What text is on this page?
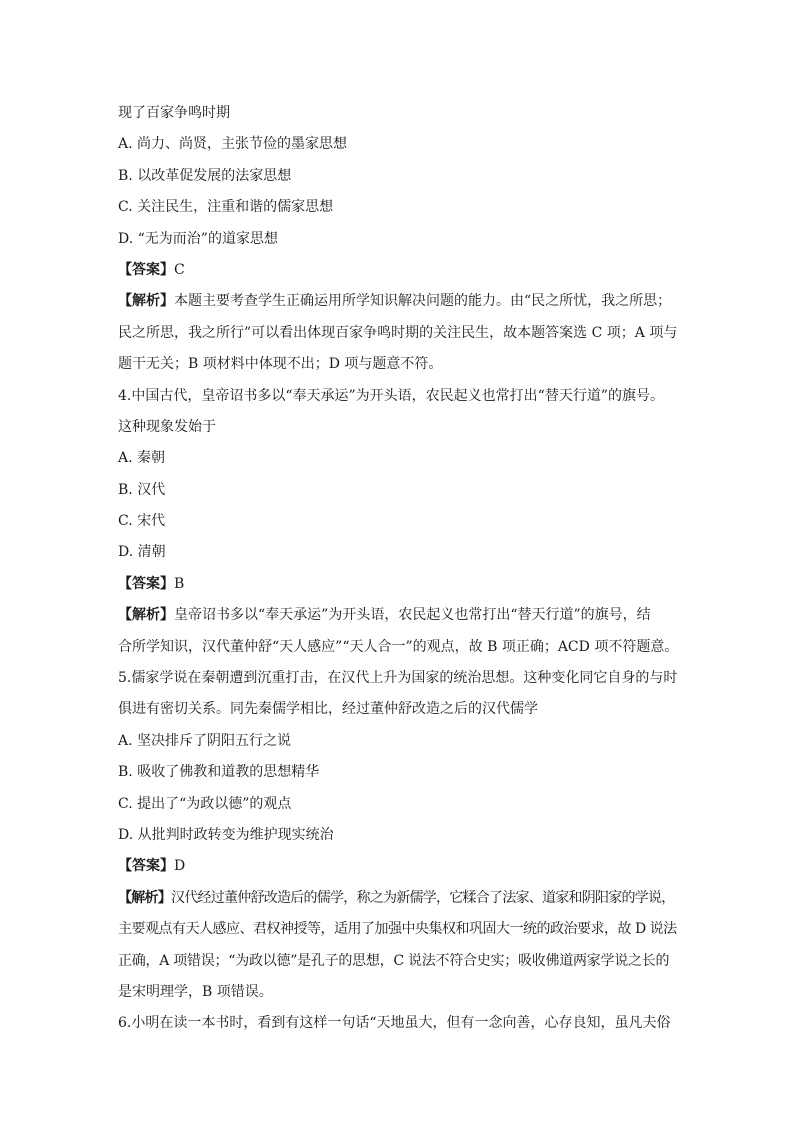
现了百家争鸣时期
A. 尚力、尚贤，主张节俭的墨家思想
B. 以改革促发展的法家思想
C. 关注民生，注重和谐的儒家思想
D. “无为而治”的道家思想
【答案】C
【解析】本题主要考查学生正确运用所学知识解决问题的能力。由“民之所忧，我之所思；
民之所思，我之所行”可以看出体现百家争鸣时期的关注民生，故本题答案选 C 项；A 项与
题干无关；B 项材料中体现不出；D 项与题意不符。
4.中国古代，皇帝诏书多以“奉天承运”为开头语，农民起义也常打出“替天行道”的旗号。
这种现象发始于
A. 秦朝
B. 汉代
C. 宋代
D. 清朝
【答案】B
【解析】皇帝诏书多以“奉天承运”为开头语，农民起义也常打出“替天行道”的旗号，结
合所学知识，汉代董仲舒“天人感应”“天人合一”的观点，故 B 项正确；ACD 项不符题意。
5.儒家学说在秦朝遭到沉重打击，在汉代上升为国家的统治思想。这种变化同它自身的与时
俱进有密切关系。同先秦儒学相比，经过董仲舒改造之后的汉代儒学
A. 坚决排斥了阴阳五行之说
B. 吸收了佛教和道教的思想精华
C. 提出了“为政以德”的观点
D. 从批判时政转变为维护现实统治
【答案】D
【解析】汉代经过董仲舒改造后的儒学，称之为新儒学，它糅合了法家、道家和阴阳家的学说，
主要观点有天人感应、君权神授等，适用了加强中央集权和巩固大一统的政治要求，故 D 说法
正确，A 项错误；“为政以德”是孔子的思想，C 说法不符合史实；吸收佛道两家学说之长的
是宋明理学，B 项错误。
6.小明在读一本书时，看到有这样一句话“天地虽大，但有一念向善，心存良知，虽凡夫俗
